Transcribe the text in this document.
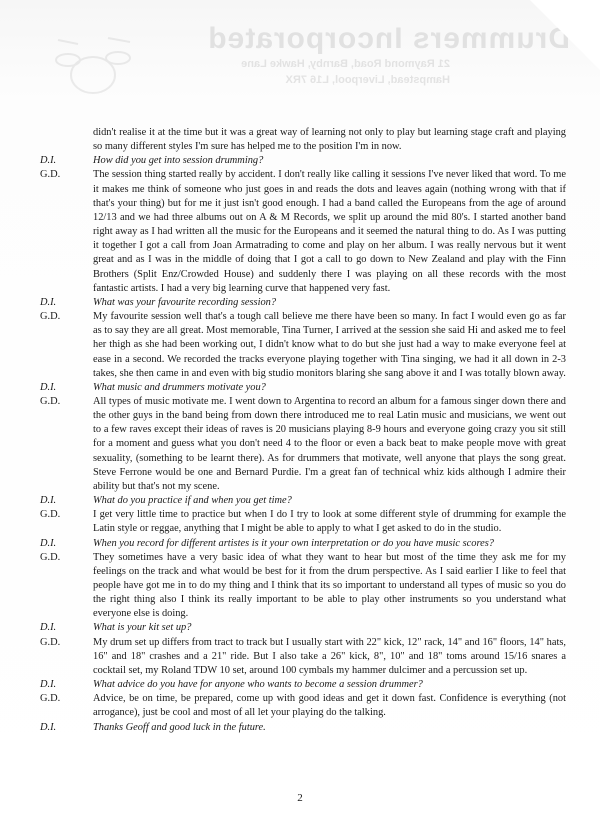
Drummers Incorporated
21 Raymond Road, Barnby, Hawke Lane
Hampstead, Liverpool, L16 7RX
didn't realise it at the time but it was a great way of learning not only to play but learning stage craft and playing so many different styles I'm sure has helped me to the position I'm in now.
D.I.	How did you get into session drumming?
G.D.	The session thing started really by accident. I don't really like calling it sessions I've never liked that word. To me it makes me think of someone who just goes in and reads the dots and leaves again (nothing wrong with that if that's your thing) but for me it just isn't good enough. I had a band called the Europeans from the age of around 12/13 and we had three albums out on A & M Records, we split up around the mid 80's. I started another band right away as I had written all the music for the Europeans and it seemed the natural thing to do. As I was putting it together I got a call from Joan Armatrading to come and play on her album. I was really nervous but it went great and as I was in the middle of doing that I got a call to go down to New Zealand and play with the Finn Brothers (Split Enz/Crowded House) and suddenly there I was playing on all these records with the most fantastic artists. I had a very big learning curve that happened very fast.
D.I.	What was your favourite recording session?
G.D.	My favourite session well that's a tough call believe me there have been so many. In fact I would even go as far as to say they are all great. Most memorable, Tina Turner, I arrived at the session she said Hi and asked me to feel her thigh as she had been working out, I didn't know what to do but she just had a way to make everyone feel at ease in a second. We recorded the tracks everyone playing together with Tina singing, we had it all down in 2-3 takes, she then came in and even with big studio monitors blaring she sang above it and I was totally blown away.
D.I.	What music and drummers motivate you?
G.D.	All types of music motivate me. I went down to Argentina to record an album for a famous singer down there and the other guys in the band being from down there introduced me to real Latin music and musicians, we went out to a few raves except their ideas of raves is 20 musicians playing 8-9 hours and everyone going crazy you sit still for a moment and guess what you don't need 4 to the floor or even a back beat to make people move with great sexuality, (something to be learnt there). As for drummers that motivate, well anyone that plays the song great. Steve Ferrone would be one and Bernard Purdie. I'm a great fan of technical whiz kids although I admire their ability but that's not my scene.
D.I.	What do you practice if and when you get time?
G.D.	I get very little time to practice but when I do I try to look at some different style of drumming for example the Latin style or reggae, anything that I might be able to apply to what I get asked to do in the studio.
D.I.	When you record for different artistes is it your own interpretation or do you have music scores?
G.D.	They sometimes have a very basic idea of what they want to hear but most of the time they ask me for my feelings on the track and what would be best for it from the drum perspective. As I said earlier I like to feel that people have got me in to do my thing and I think that its so important to understand all types of music so you do the right thing also I think its really important to be able to play other instruments so you understand what everyone else is doing.
D.I.	What is your kit set up?
G.D.	My drum set up differs from tract to track but I usually start with 22" kick, 12" rack, 14" and 16" floors, 14" hats, 16" and 18" crashes and a 21" ride. But I also take a 26" kick, 8", 10" and 18" toms around 15/16 snares a cocktail set, my Roland TDW 10 set, around 100 cymbals my hammer dulcimer and a percussion set up.
D.I.	What advice do you have for anyone who wants to become a session drummer?
G.D.	Advice, be on time, be prepared, come up with good ideas and get it down fast. Confidence is everything (not arrogance), just be cool and most of all let your playing do the talking.
D.I.	Thanks Geoff and good luck in the future.
2
